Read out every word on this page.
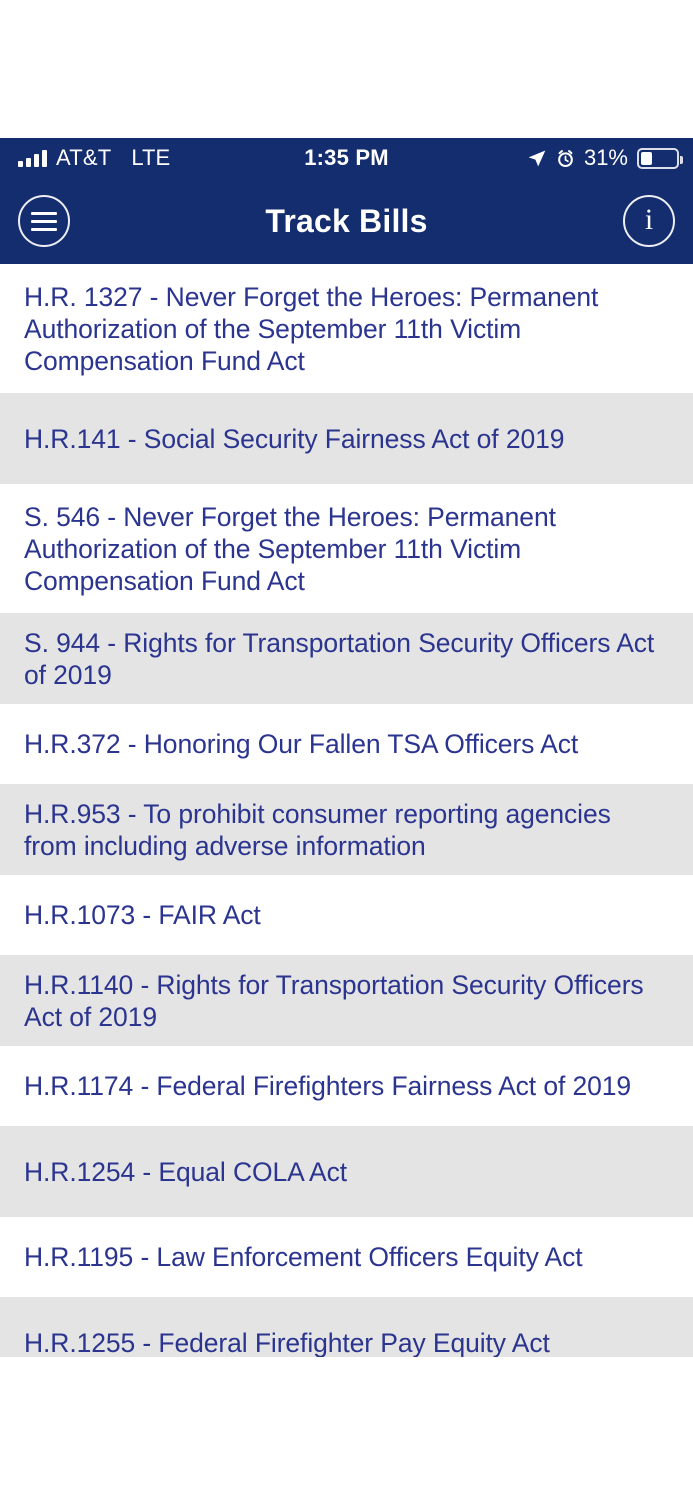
AT&T LTE	1:35 PM	31%
Track Bills	i
H.R. 1327 - Never Forget the Heroes: Permanent Authorization of the September 11th Victim Compensation Fund Act
H.R.141 - Social Security Fairness Act of 2019
S. 546 - Never Forget the Heroes: Permanent Authorization of the September 11th Victim Compensation Fund Act
S. 944 - Rights for Transportation Security Officers Act of 2019
H.R.372 - Honoring Our Fallen TSA Officers Act
H.R.953 - To prohibit consumer reporting agencies from including adverse information
H.R.1073 - FAIR Act
H.R.1140 - Rights for Transportation Security Officers Act of 2019
H.R.1174 - Federal Firefighters Fairness Act of 2019
H.R.1254 - Equal COLA Act
H.R.1195 - Law Enforcement Officers Equity Act
H.R.1255 - Federal Firefighter Pay Equity Act
